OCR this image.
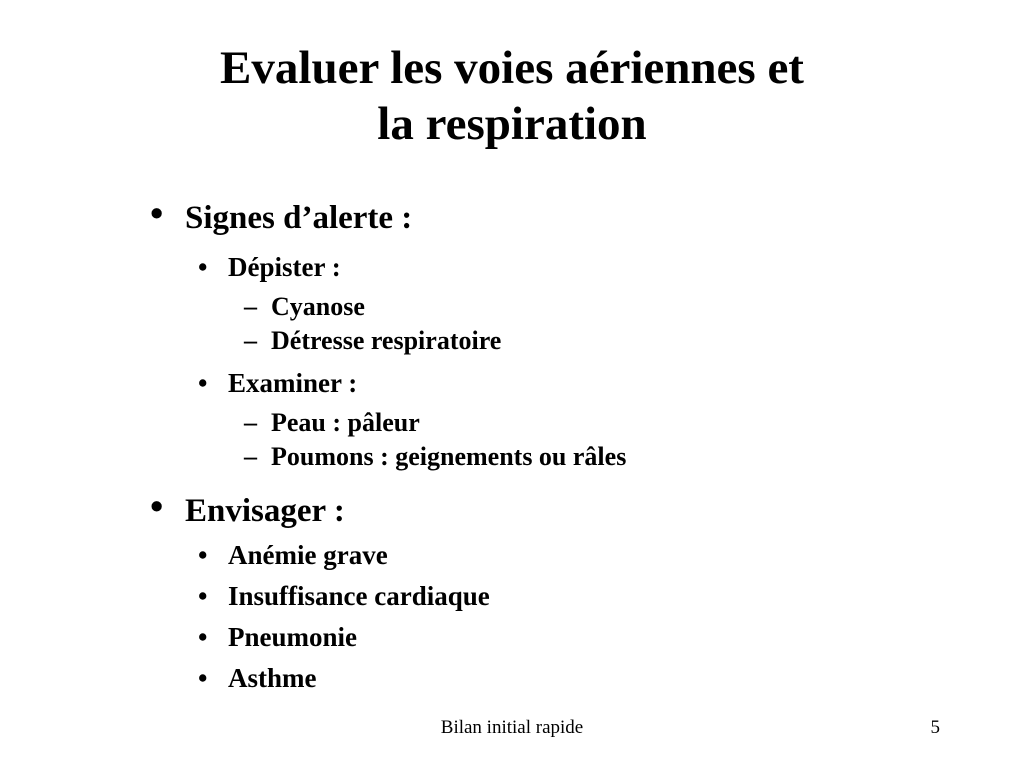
Evaluer les voies aériennes et
la respiration
• Signes d’alerte :
• Dépister :
– Cyanose
– Détresse respiratoire
• Examiner :
– Peau : pâleur
– Poumons : geignements ou râles
• Envisager :
• Anémie grave
• Insuffisance cardiaque
• Pneumonie
• Asthme
Bilan initial rapide	5
